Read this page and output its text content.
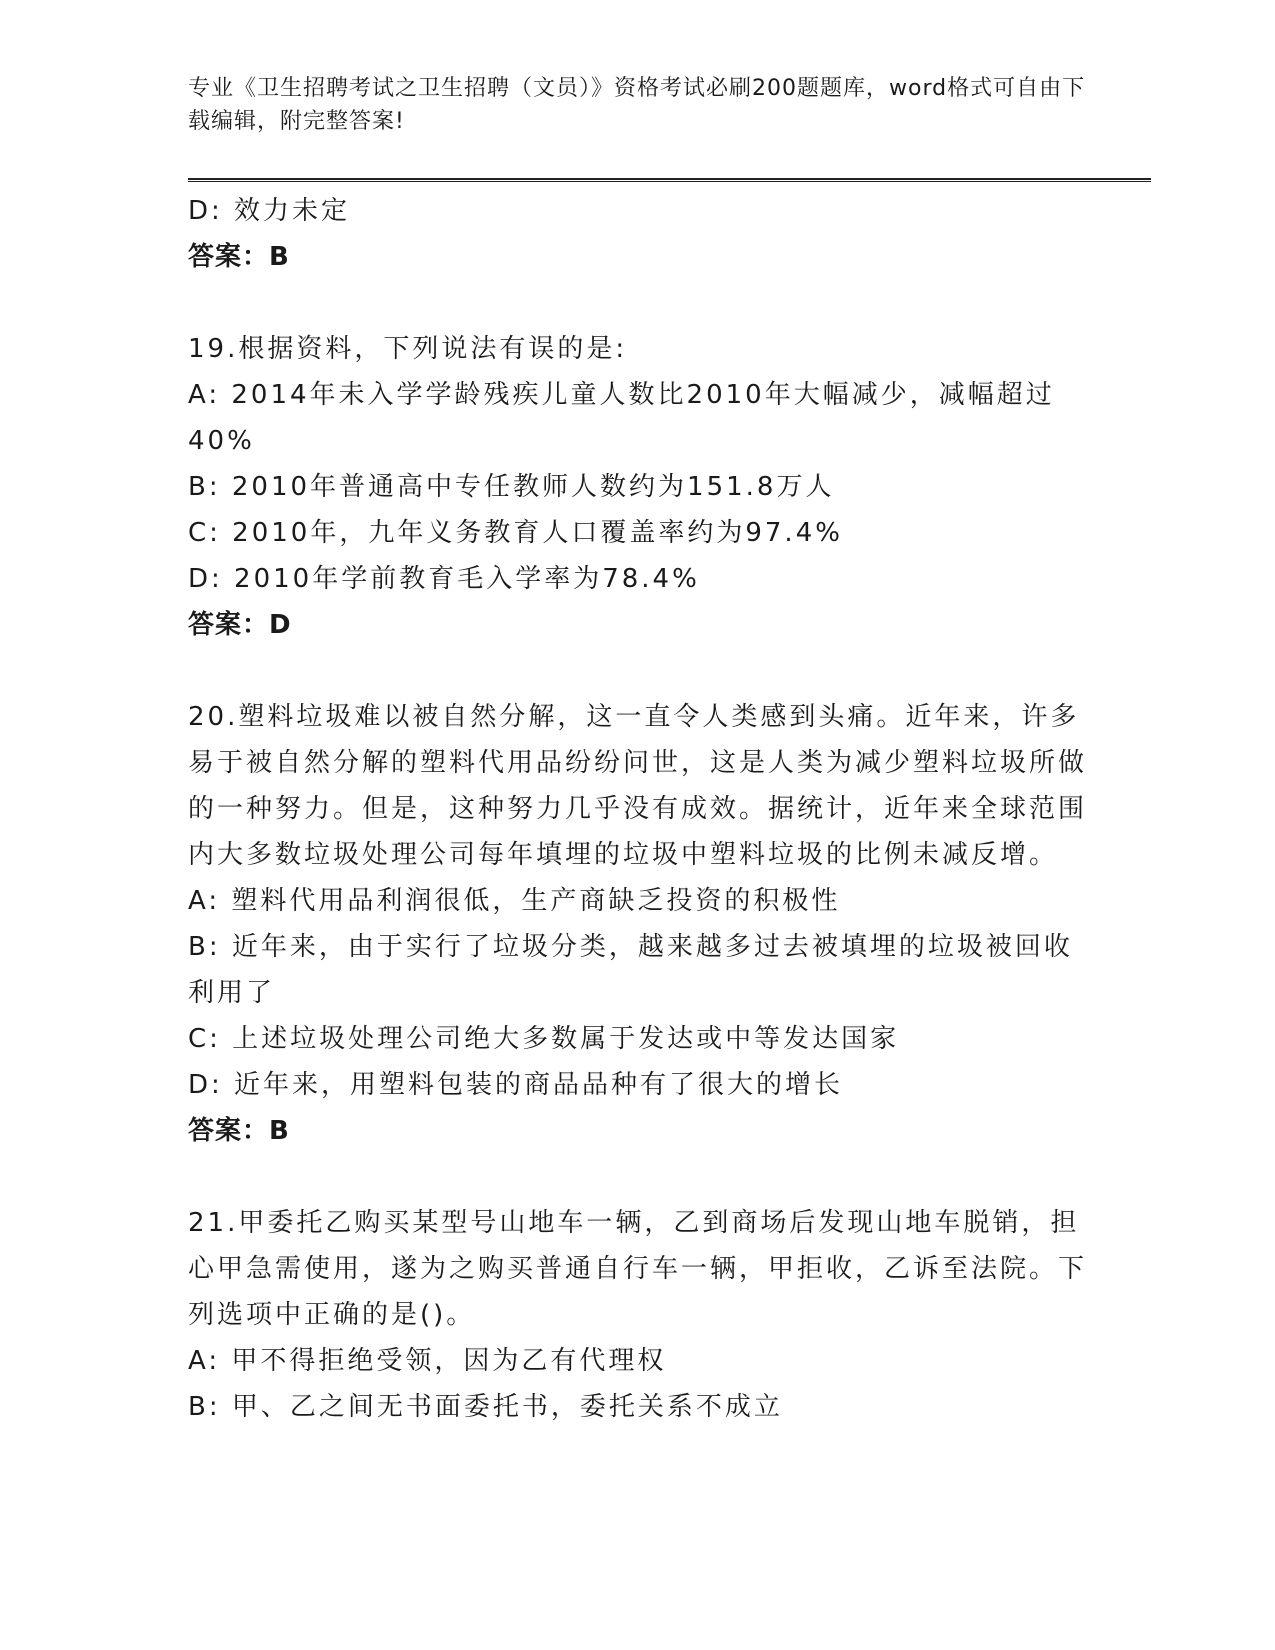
专业《卫生招聘考试之卫生招聘（文员）》资格考试必刷200题题库，word格式可自由下载编辑，附完整答案!

D: 效力未定

答案：B

19.根据资料，下列说法有误的是:

A: 2014年未入学学龄残疾儿童人数比2010年大幅减少，减幅超过40%

B: 2010年普通高中专任教师人数约为151.8万人

C: 2010年，九年义务教育人口覆盖率约为97.4%

D: 2010年学前教育毛入学率为78.4%

答案：D

20.塑料垃圾难以被自然分解，这一直令人类感到头痛。近年来，许多易于被自然分解的塑料代用品纷纷问世，这是人类为减少塑料垃圾所做的一种努力。但是，这种努力几乎没有成效。据统计，近年来全球范围内大多数垃圾处理公司每年填埋的垃圾中塑料垃圾的比例未减反增。

A: 塑料代用品利润很低，生产商缺乏投资的积极性

B: 近年来，由于实行了垃圾分类，越来越多过去被填埋的垃圾被回收利用了

C: 上述垃圾处理公司绝大多数属于发达或中等发达国家

D: 近年来，用塑料包装的商品品种有了很大的增长

答案：B

21.甲委托乙购买某型号山地车一辆，乙到商场后发现山地车脱销，担心甲急需使用，遂为之购买普通自行车一辆，甲拒收，乙诉至法院。下列选项中正确的是()。

A: 甲不得拒绝受领，因为乙有代理权

B: 甲、乙之间无书面委托书，委托关系不成立
